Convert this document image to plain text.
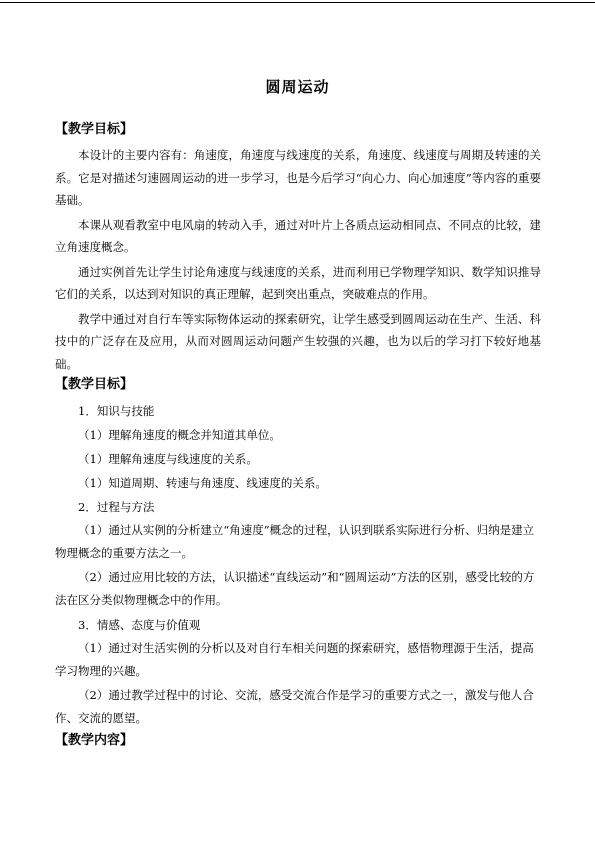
圆周运动
【教学目标】

本设计的主要内容有：角速度，角速度与线速度的关系，角速度、线速度与周期及转速的关系。它是对描述匀速圆周运动的进一步学习，也是今后学习“向心力、向心加速度”等内容的重要基础。

本课从观看教室中电风扇的转动入手，通过对叶片上各质点运动相同点、不同点的比较，建立角速度概念。

通过实例首先让学生讨论角速度与线速度的关系，进而利用已学物理学知识、数学知识推导它们的关系，以达到对知识的真正理解，起到突出重点，突破难点的作用。

教学中通过对自行车等实际物体运动的探索研究，让学生感受到圆周运动在生产、生活、科技中的广泛存在及应用，从而对圆周运动问题产生较强的兴趣，也为以后的学习打下较好地基础。

【教学目标】

1．知识与技能

（1）理解角速度的概念并知道其单位。

（1）理解角速度与线速度的关系。

（1）知道周期、转速与角速度、线速度的关系。

2．过程与方法

（1）通过从实例的分析建立“角速度”概念的过程，认识到联系实际进行分析、归纳是建立物理概念的重要方法之一。

（2）通过应用比较的方法，认识描述“直线运动”和“圆周运动”方法的区别，感受比较的方法在区分类似物理概念中的作用。

3．情感、态度与价值观

（1）通过对生活实例的分析以及对自行车相关问题的探索研究，感悟物理源于生活，提高学习物理的兴趣。

（2）通过教学过程中的讨论、交流，感受交流合作是学习的重要方式之一，激发与他人合作、交流的愿望。

【教学内容】
